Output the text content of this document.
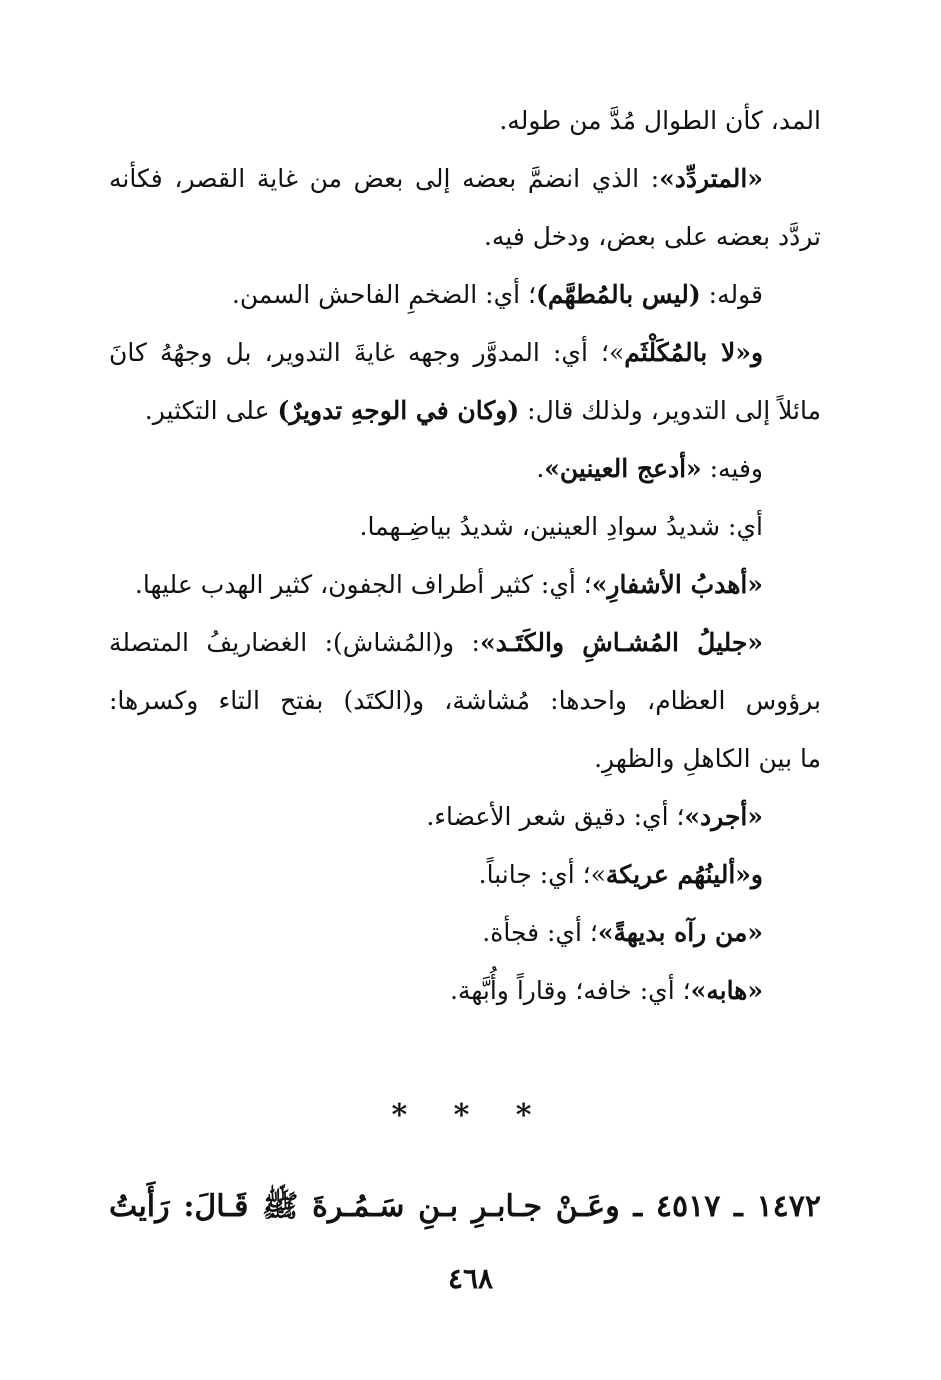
المد، كأن الطوال مُدَّ من طوله.
«المتردِّد»: الذي انضمَّ بعضه إلى بعض من غاية القصر، فكأنه
تردَّد بعضه على بعض، ودخل فيه.
قوله: (ليس بالمُطهَّم)؛ أي: الضخمِ الفاحش السمن.
و«لا بالمُكَلْثَم»؛ أي: المدوَّر وجهه غايةَ التدوير، بل وجهُهُ كانَ
مائلاً إلى التدوير، ولذلك قال: (وكان في الوجهِ تدويرٌ) على التكثير.
وفيه: «أدعج العينين».
أي: شديدُ سوادِ العينين، شديدُ بياضِـهما.
«أهدبُ الأشفارِ»؛ أي: كثير أطراف الجفون، كثير الهدب عليها.
«جليلُ المُشـاشِ والكَتَـد»: و(المُشاش): الغضاريفُ المتصلة
برؤوس العظام، واحدها: مُشاشة، و(الكتَد) بفتح التاء وكسرها:
ما بين الكاهلِ والظهرِ.
«أجرد»؛ أي: دقيق شعر الأعضاء.
و«ألينُهُم عريكة»؛ أي: جانباً.
«من رآه بديهةً»؛ أي: فجأة.
«هابه»؛ أي: خافه؛ وقاراً وأُبَّهة.
* * *
١٤٧٢ ـ ٤٥١٧ ـ وعَـنْ جـابـرِ بـنِ سَـمُـرةَ ﷺ قَـالَ: رَأَيتُ
٤٦٨
